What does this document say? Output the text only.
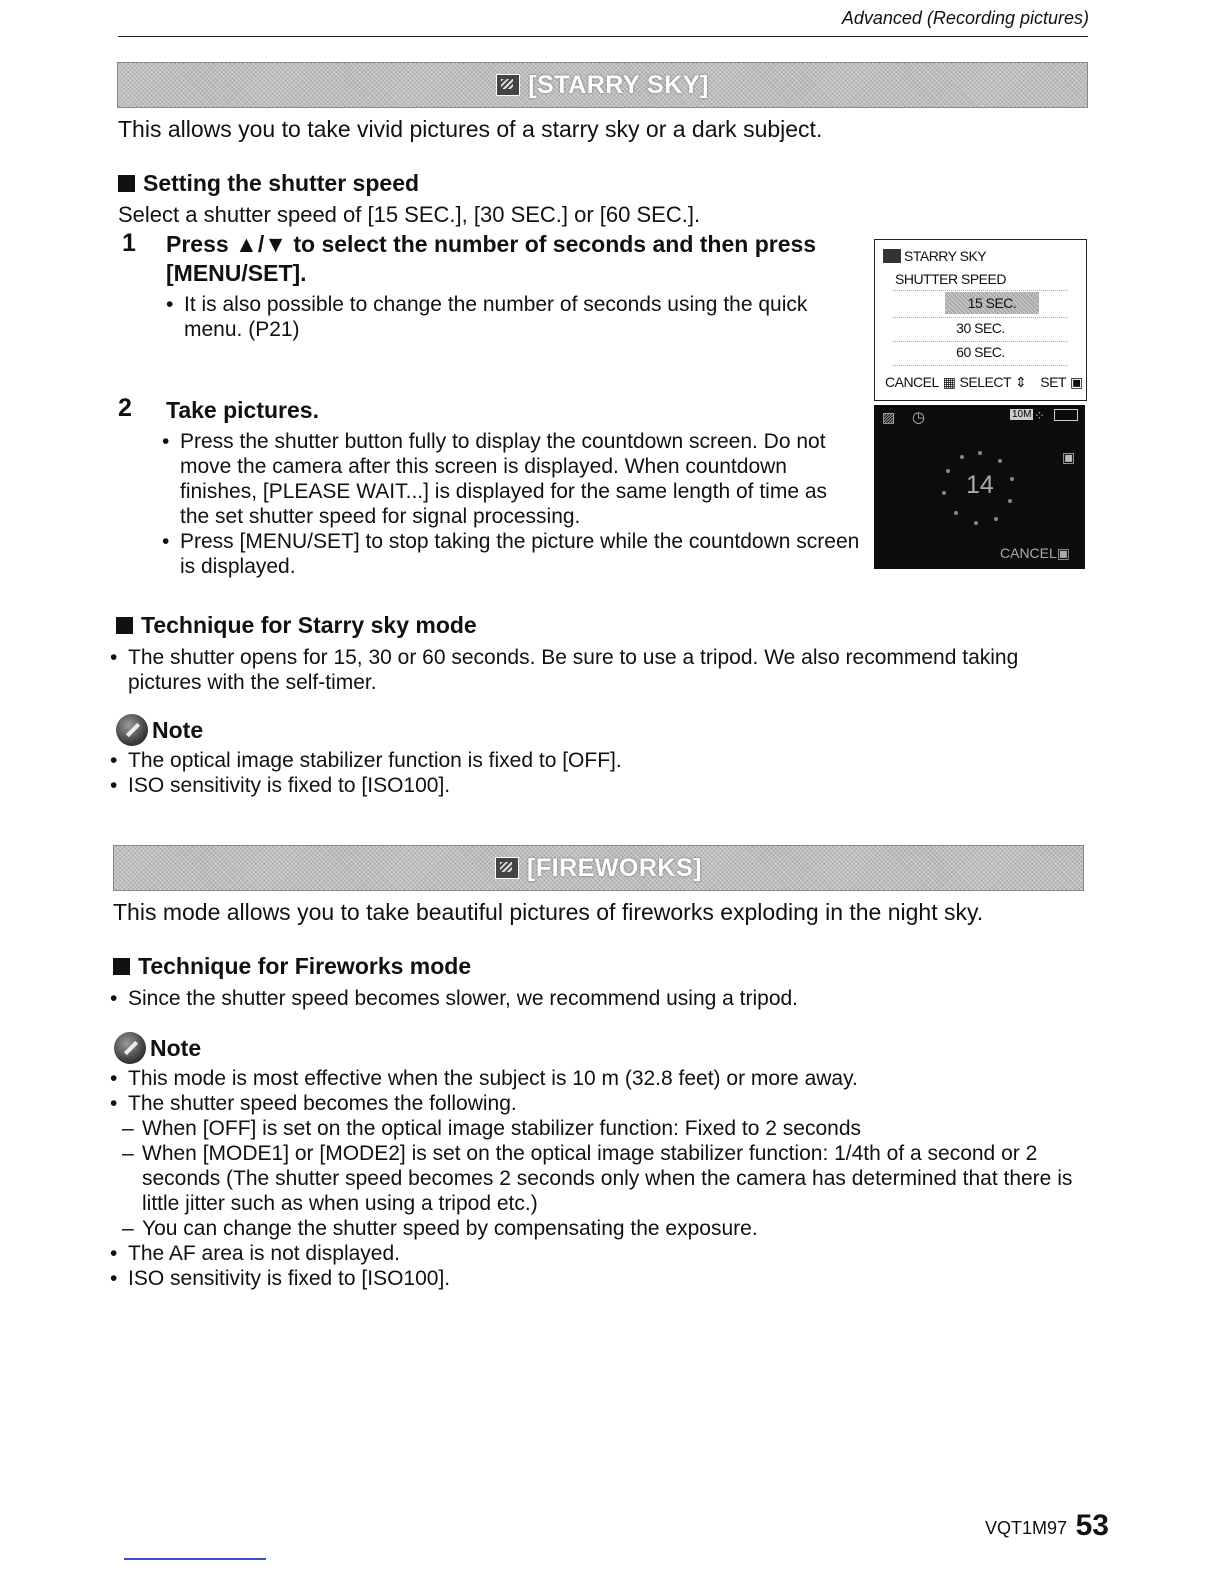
Advanced (Recording pictures)
[STARRY SKY]
This allows you to take vivid pictures of a starry sky or a dark subject.
Setting the shutter speed
Select a shutter speed of [15 SEC.], [30 SEC.] or [60 SEC.].
1 Press ▲/▼ to select the number of seconds and then press [MENU/SET].
• It is also possible to change the number of seconds using the quick menu. (P21)
2 Take pictures.
• Press the shutter button fully to display the countdown screen. Do not move the camera after this screen is displayed. When countdown finishes, [PLEASE WAIT...] is displayed for the same length of time as the set shutter speed for signal processing.
• Press [MENU/SET] to stop taking the picture while the countdown screen is displayed.
STARRY SKY
SHUTTER SPEED
15 SEC.
30 SEC.
60 SEC.
CANCEL ▦ SELECT ⇕ SET ▣
▨ ◷	10M ⁘
▣
14
CANCEL▣
Technique for Starry sky mode
• The shutter opens for 15, 30 or 60 seconds. Be sure to use a tripod. We also recommend taking pictures with the self-timer.
Note
• The optical image stabilizer function is fixed to [OFF].
• ISO sensitivity is fixed to [ISO100].
[FIREWORKS]
This mode allows you to take beautiful pictures of fireworks exploding in the night sky.
Technique for Fireworks mode
• Since the shutter speed becomes slower, we recommend using a tripod.
Note
• This mode is most effective when the subject is 10 m (32.8 feet) or more away.
• The shutter speed becomes the following.
– When [OFF] is set on the optical image stabilizer function: Fixed to 2 seconds
– When [MODE1] or [MODE2] is set on the optical image stabilizer function: 1/4th of a second or 2 seconds (The shutter speed becomes 2 seconds only when the camera has determined that there is little jitter such as when using a tripod etc.)
– You can change the shutter speed by compensating the exposure.
• The AF area is not displayed.
• ISO sensitivity is fixed to [ISO100].
VQT1M97 53
